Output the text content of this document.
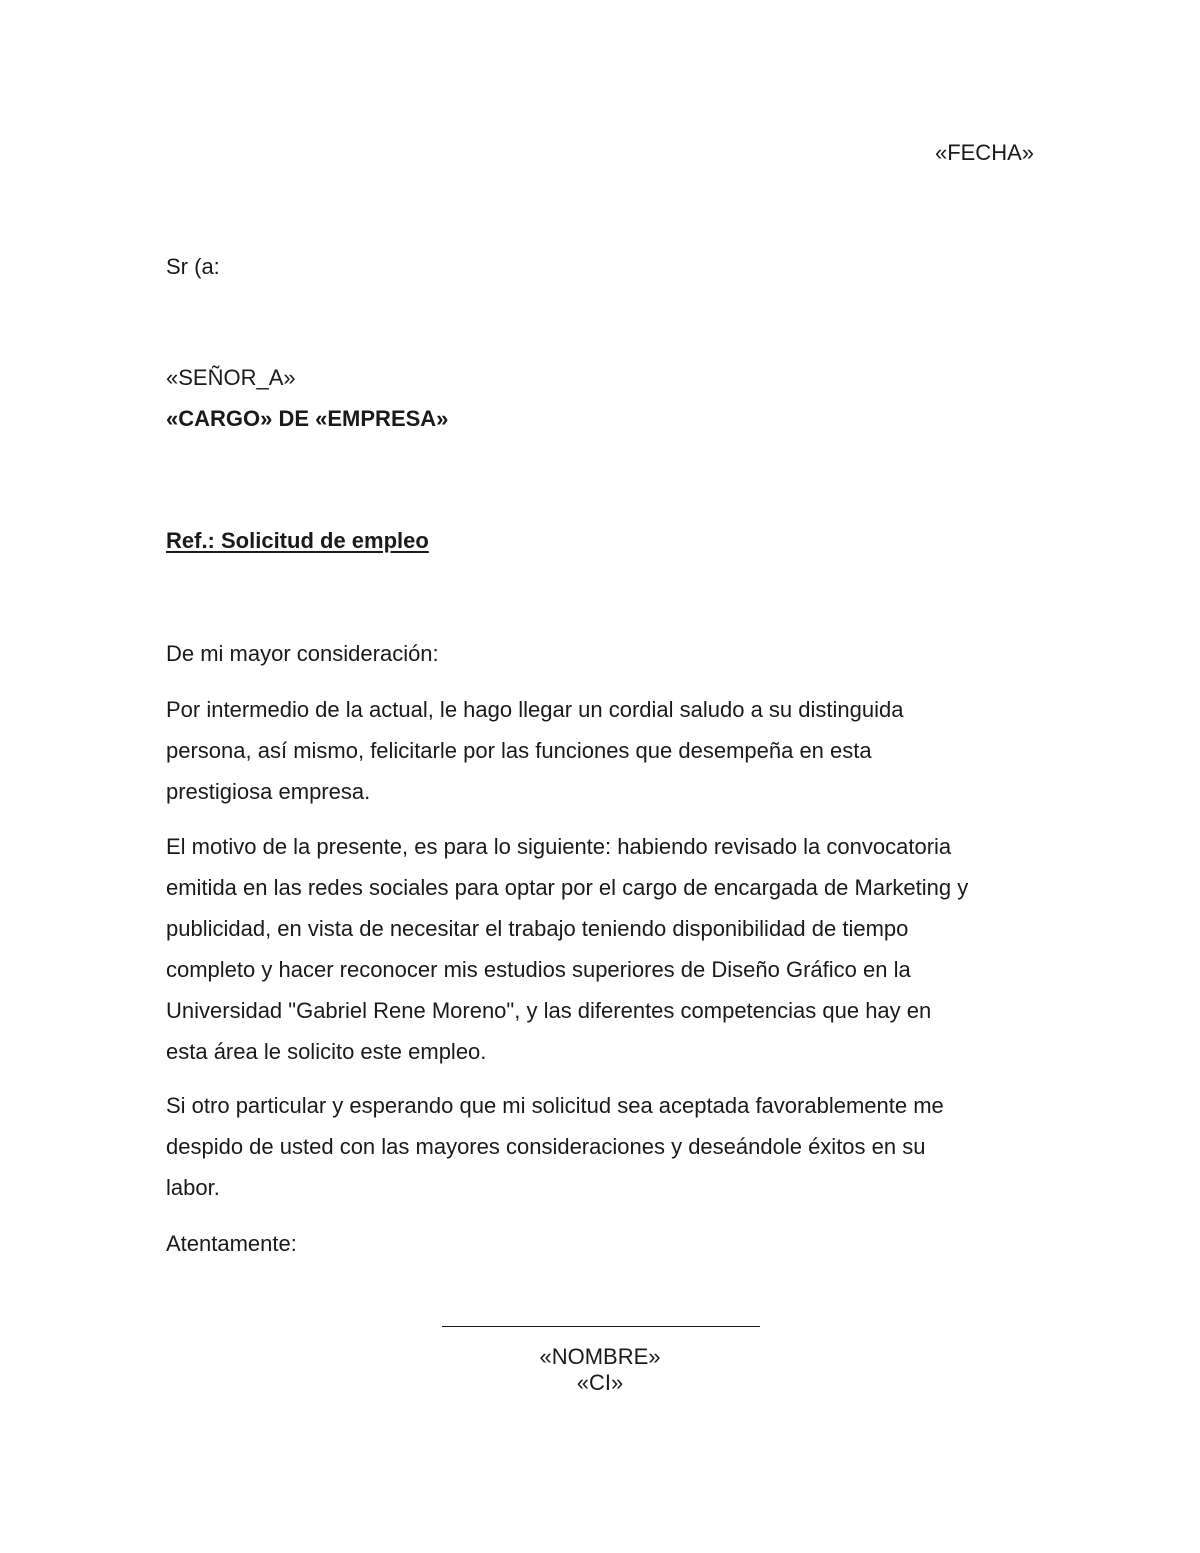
«FECHA»
Sr (a:
«SEÑOR_A»
«CARGO» DE «EMPRESA»
Ref.: Solicitud de empleo
De mi mayor consideración:
Por intermedio de la actual, le hago llegar un cordial saludo a su distinguida
persona, así mismo, felicitarle por las funciones que desempeña en esta
prestigiosa empresa.
El motivo de la presente, es para lo siguiente: habiendo revisado la convocatoria
emitida en las redes sociales para optar por el cargo de encargada de Marketing y
publicidad, en vista de necesitar el trabajo teniendo disponibilidad de tiempo
completo y hacer reconocer mis estudios superiores de Diseño Gráfico en la
Universidad "Gabriel Rene Moreno", y las diferentes competencias que hay en
esta área le solicito este empleo.
Si otro particular y esperando que mi solicitud sea aceptada favorablemente me
despido de usted con las mayores consideraciones y deseándole éxitos en su
labor.
Atentamente:
«NOMBRE»
«CI»
